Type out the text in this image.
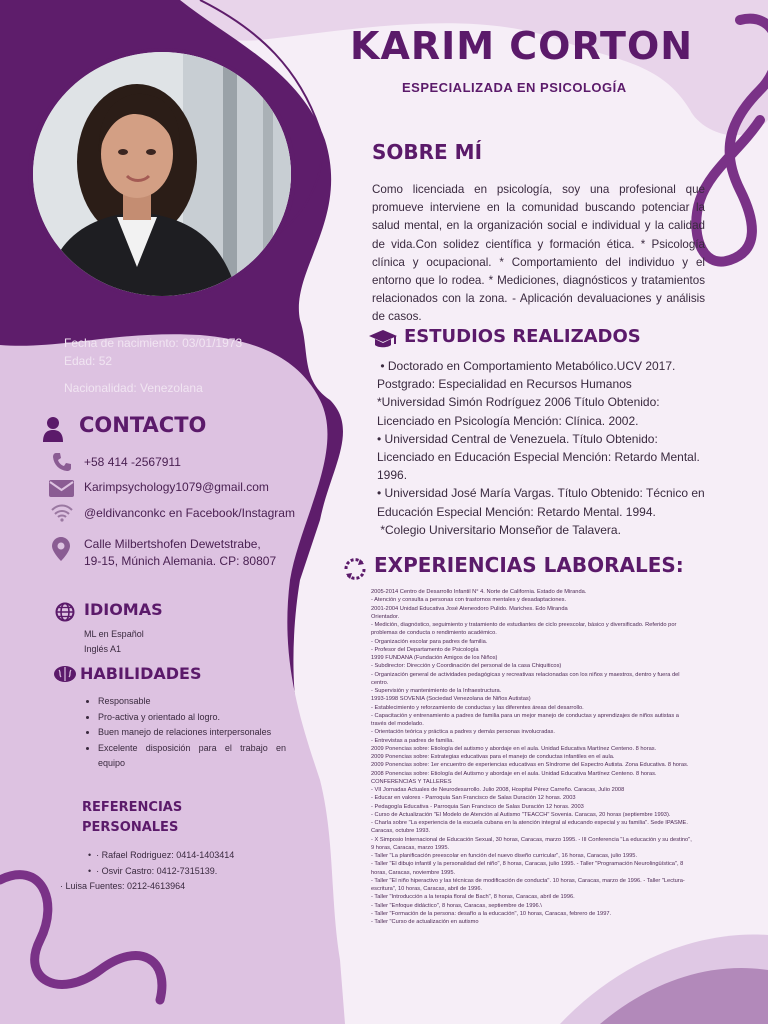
KARIM CORTON
ESPECIALIZADA EN PSICOLOGÍA
SOBRE MÍ
Como licenciada en psicología, soy una profesional que promueve interviene en la comunidad buscando potenciar la salud mental, en la organización social e individual y la calidad de vida.Con solidez científica y formación ética. * Psicología clínica y ocupacional. * Comportamiento del individuo y el entorno que lo rodea. * Mediciones, diagnósticos y tratamientos relacionados con la zona. - Aplicación devaluaciones y análisis de casos.
ESTUDIOS REALIZADOS
• Doctorado en Comportamiento Metabólico.UCV 2017.
Postgrado: Especialidad en Recursos Humanos
*Universidad Simón Rodríguez 2006 Título Obtenido:
Licenciado en Psicología Mención: Clínica. 2002.
• Universidad Central de Venezuela. Título Obtenido:
Licenciado en Educación Especial Mención: Retardo Mental.
1996.
• Universidad José María Vargas. Título Obtenido: Técnico en
Educación Especial Mención: Retardo Mental. 1994.
*Colegio Universitario Monseñor de Talavera.
EXPERIENCIAS LABORALES:
2005-2014 Centro de Desarrollo Infantil N° 4. Norte de California. Estado de Miranda.
- Atención y consulta a personas con trastornos mentales y desadaptaciones.
2001-2004 Unidad Educativa José Ateneodoro Pulido. Mariches. Edo Miranda
Orientador.
- Medición, diagnóstico, seguimiento y tratamiento de estudiantes de ciclo preescolar, básico y diversificado. Referido por
problemas de conducta o rendimiento académico.
- Organización escolar para padres de familia.
- Profesor del Departamento de Psicología
1999 FUNDANA (Fundación Amigos de los Niños)
- Subdirector: Dirección y Coordinación del personal de la casa Chiquiticos)
- Organización general de actividades pedagógicas y recreativas relacionadas con los niños y maestros, dentro y fuera del
centro.
- Supervisión y mantenimiento de la Infraestructura.
1993-1998 SOVENIA (Sociedad Venezolana de Niños Autistas)
- Establecimiento y reforzamiento de conductas y las diferentes áreas del desarrollo.
- Capacitación y entrenamiento a padres de familia para un mejor manejo de conductas y aprendizajes de niños autistas a
través del modelado.
- Orientación teórica y práctica a padres y demás personas involucradas.
- Entrevistas a padres de familia.
2009 Ponencias sobre: Etiología del autismo y abordaje en el aula. Unidad Educativa Martínez Centeno. 8 horas.
2009 Ponencias sobre: Estrategias educativas para el manejo de conductas infantiles en el aula.
2009 Ponencias sobre: 1er encuentro de experiencias educativas en Síndrome del Espectro Autista. Zona Educativa. 8 horas.
2008 Ponencias sobre: Etiología del Autismo y abordaje en el aula. Unidad Educativa Martínez Centeno. 8 horas.
CONFERENCIAS Y TALLERES
- VII Jornadas Actuales de Neurodesarrollo. Julio 2008, Hospital Pérez Carreño. Caracas, Julio 2008
- Educar en valores - Parroquia San Francisco de Salas Duración 12 horas. 2003
- Pedagogía Educativa - Parroquia San Francisco de Salas Duración 12 horas. 2003
- Curso de Actualización "El Modelo de Atención al Autismo "TEACCH" Sovenia. Caracas, 20 horas (septiembre 1993).
- Charla sobre "La experiencia de la escuela cubana en la atención integral al educando especial y su familia". Sede IPASME.
Caracas, octubre 1993.
- X Simposio Internacional de Educación Sexual, 30 horas, Caracas, marzo 1995. - III Conferencia "La educación y su destino",
9 horas, Caracas, marzo 1995.
- Taller "La planificación preescolar en función del nuevo diseño curricular", 16 horas, Caracas, julio 1995.
- Taller "El dibujo infantil y la personalidad del niño", 8 horas, Caracas, julio 1995. - Taller "Programación Neurolingüística", 8
horas, Caracas, noviembre 1995.
- Taller "El niño hiperactivo y las técnicas de modificación de conducta". 10 horas, Caracas, marzo de 1996. - Taller "Lectura-
escritura", 10 horas, Caracas, abril de 1996.
- Taller "Introducción a la terapia floral de Bach", 8 horas, Caracas, abril de 1996.
- Taller "Enfoque didáctico", 8 horas, Caracas, septiembre de 1996.\
- Taller "Formación de la persona: desafío a la educación", 10 horas, Caracas, febrero de 1997.
- Taller "Curso de actualización en autismo
Fecha de nacimiento: 03/01/1973
Edad: 52
Nacionalidad: Venezolana
CONTACTO
+58 414 -2567911
Karimpsychology1079@gmail.com
@eldivanconkc en Facebook/Instagram
Calle Milbertshofen Dewetstrabe,
19-15, Múnich Alemania. CP: 80807
IDIOMAS
ML en Español
Inglés A1
HABILIDADES
• Responsable
• Pro-activa y orientado al logro.
• Buen manejo de relaciones interpersonales
• Excelente disposición para el trabajo en equipo
REFERENCIAS
PERSONALES
•  · Rafael Rodriguez: 0414-1403414
•  · Osvir Castro: 0412-7315139.
· Luisa Fuentes: 0212-4613964
